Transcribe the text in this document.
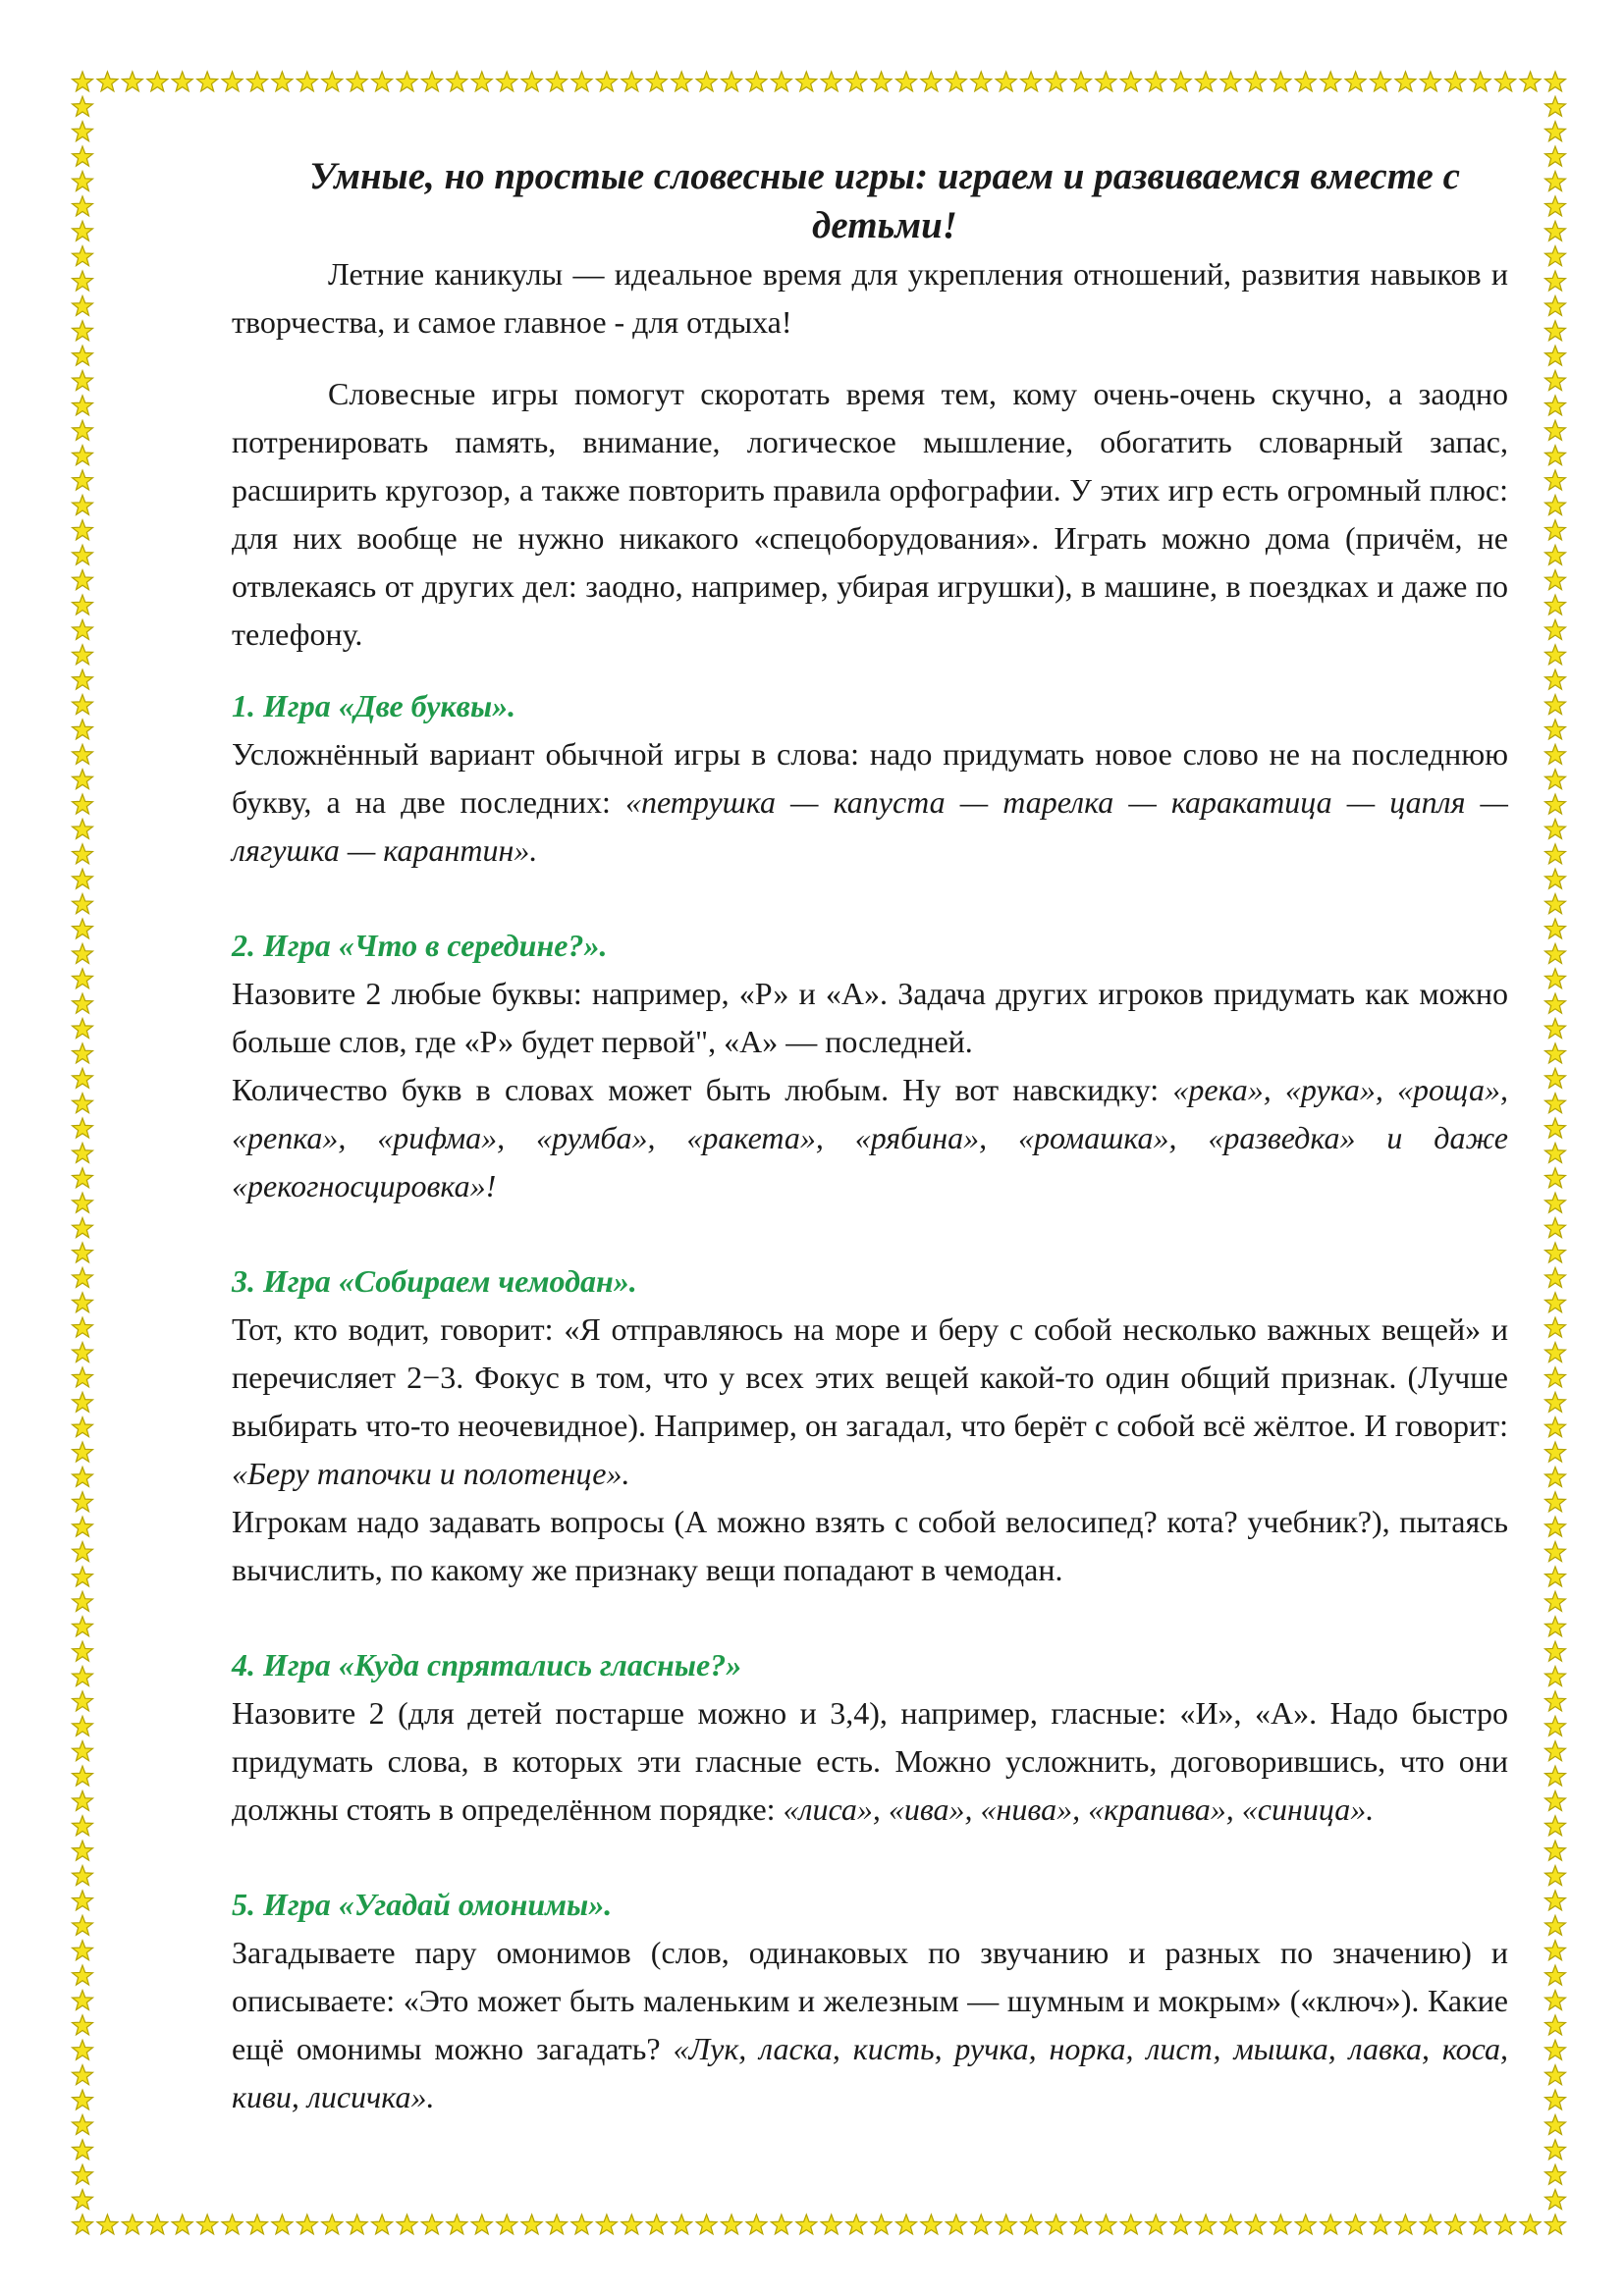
Умные, но простые словесные игры: играем и развиваемся вместе с детьми!

Летние каникулы — идеальное время для укрепления отношений, развития навыков и творчества, и самое главное - для отдыха!

Словесные игры помогут скоротать время тем, кому очень-очень скучно, а заодно потренировать память, внимание, логическое мышление, обогатить словарный запас, расширить кругозор, а также повторить правила орфографии. У этих игр есть огромный плюс: для них вообще не нужно никакого «спецоборудования». Играть можно дома (причём, не отвлекаясь от других дел: заодно, например, убирая игрушки), в машине, в поездках и даже по телефону.

1. Игра «Две буквы».

Усложнённый вариант обычной игры в слова: надо придумать новое слово не на последнюю букву, а на две последних: «петрушка — капуста — тарелка — каракатица — цапля — лягушка — карантин».

2. Игра «Что в середине?».

Назовите 2 любые буквы: например, «Р» и «А». Задача других игроков придумать как можно больше слов, где «Р» будет первой", «А» — последней.

Количество букв в словах может быть любым. Ну вот навскидку: «река», «рука», «роща», «репка», «рифма», «румба», «ракета», «рябина», «ромашка», «разведка» и даже «рекогносцировка»!

3. Игра «Собираем чемодан».

Тот, кто водит, говорит: «Я отправляюсь на море и беру с собой несколько важных вещей» и перечисляет 2−3. Фокус в том, что у всех этих вещей какой-то один общий признак. (Лучше выбирать что-то неочевидное). Например, он загадал, что берёт с собой всё жёлтое. И говорит: «Беру тапочки и полотенце».

Игрокам надо задавать вопросы (А можно взять с собой велосипед? кота? учебник?), пытаясь вычислить, по какому же признаку вещи попадают в чемодан.

4. Игра «Куда спрятались гласные?»

Назовите 2 (для детей постарше можно и 3,4), например, гласные: «И», «А». Надо быстро придумать слова, в которых эти гласные есть. Можно усложнить, договорившись, что они должны стоять в определённом порядке: «лиса», «ива», «нива», «крапива», «синица».

5. Игра «Угадай омонимы».

Загадываете пару омонимов (слов, одинаковых по звучанию и разных по значению) и описываете: «Это может быть маленьким и железным — шумным и мокрым» («ключ»). Какие ещё омонимы можно загадать? «Лук, ласка, кисть, ручка, норка, лист, мышка, лавка, коса, киви, лисичка».
